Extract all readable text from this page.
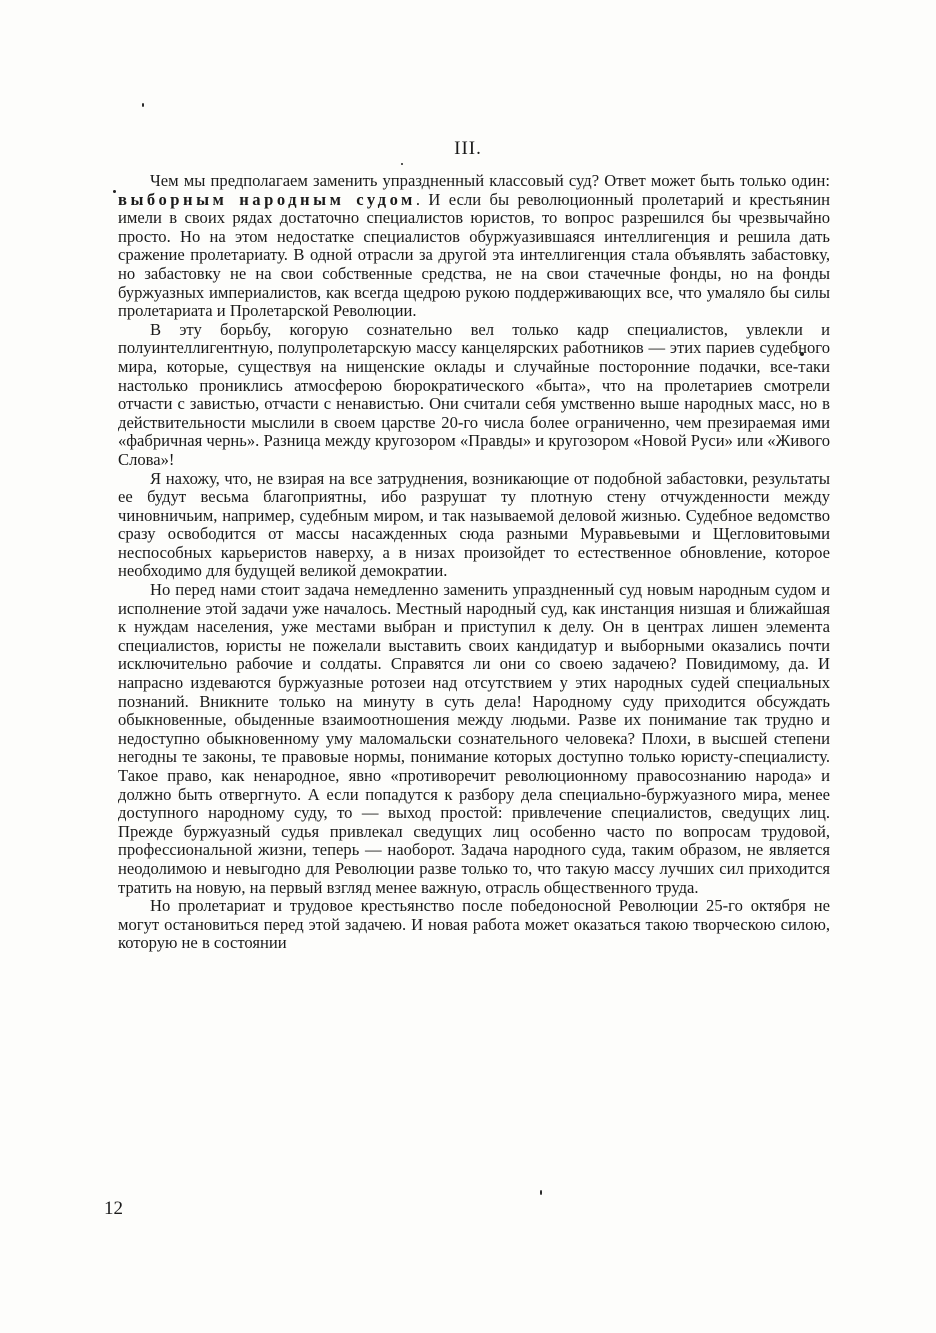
III.

Чем мы предполагаем заменить упраздненный классовый суд? Ответ может быть только один: выборным народным судом. И если бы революционный пролетарий и крестьянин имели в своих рядах достаточно специалистов юристов, то вопрос разрешился бы чрезвычайно просто. Но на этом недостатке специалистов обуржуазившаяся интеллигенция и решила дать сражение пролетариату. В одной отрасли за другой эта интеллигенция стала объявлять забастовку, но забастовку не на свои собственные средства, не на свои стачечные фонды, но на фонды буржуазных империалистов, как всегда щедрою рукою поддерживающих все, что умаляло бы силы пролетариата и Пролетарской Революции.

В эту борьбу, когорую сознательно вел только кадр специалистов, увлекли и полуинтеллигентную, полупролетарскую массу канцелярских работников — этих париев судебного мира, которые, существуя на нищенские оклады и случайные посторонние подачки, все-таки настолько прониклись атмосферою бюрократического «быта», что на пролетариев смотрели отчасти с завистью, отчасти с ненавистью. Они считали себя умственно выше народных масс, но в действительности мыслили в своем царстве 20-го числа более ограниченно, чем презираемая ими «фабричная чернь». Разница между кругозором «Правды» и кругозором «Новой Руси» или «Живого Слова»!

Я нахожу, что, не взирая на все затруднения, возникающие от подобной забастовки, результаты ее будут весьма благоприятны, ибо разрушат ту плотную стену отчужденности между чиновничьим, например, судебным миром, и так называемой деловой жизнью. Судебное ведомство сразу освободится от массы насажденных сюда разными Муравьевыми и Щегловитовыми неспособных карьеристов наверху, а в низах произойдет то естественное обновление, которое необходимо для будущей великой демократии.

Но перед нами стоит задача немедленно заменить упраздненный суд новым народным судом и исполнение этой задачи уже началось. Местный народный суд, как инстанция низшая и ближайшая к нуждам населения, уже местами выбран и приступил к делу. Он в центрах лишен элемента специалистов, юристы не пожелали выставить своих кандидатур и выборными оказались почти исключительно рабочие и солдаты. Справятся ли они со своею задачею? Повидимому, да. И напрасно издеваются буржуазные ротозеи над отсутствием у этих народных судей специальных познаний. Вникните только на минуту в суть дела! Народному суду приходится обсуждать обыкновенные, обыденные взаимоотношения между людьми. Разве их понимание так трудно и недоступно обыкновенному уму маломальски сознательного человека? Плохи, в высшей степени негодны те законы, те правовые нормы, понимание которых доступно только юристу-специалисту. Такое право, как ненародное, явно «противоречит революционному правосознанию народа» и должно быть отвергнуто. А если попадутся к разбору дела специально-буржуазного мира, менее доступного народному суду, то — выход простой: привлечение специалистов, сведущих лиц. Прежде буржуазный судья привлекал сведущих лиц особенно часто по вопросам трудовой, профессиональной жизни, теперь — наоборот. Задача народного суда, таким образом, не является неодолимою и невыгодно для Революции разве только то, что такую массу лучших сил приходится тратить на новую, на первый взгляд менее важную, отрасль общественного труда.

Но пролетариат и трудовое крестьянство после победоносной Революции 25-го октября не могут остановиться перед этой задачею. И новая работа может оказаться такою творческою силою, которую не в состоянии

12
